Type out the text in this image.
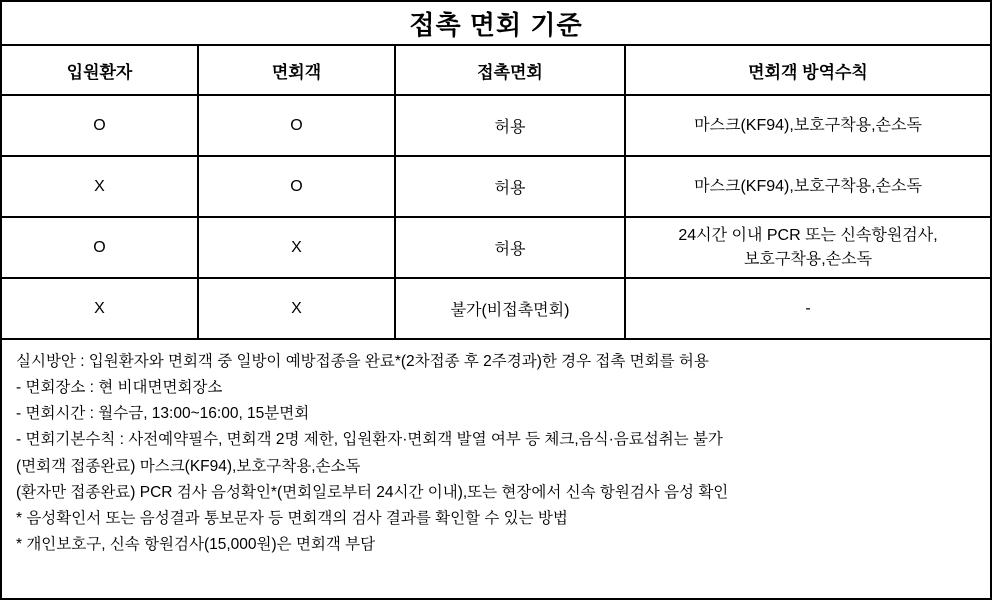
접촉 면회 기준
입원환자	면회객	접촉면회	면회객 방역수칙
O	O	허용	마스크(KF94),보호구착용,손소독

X	O	허용	마스크(KF94),보호구착용,손소독

O	X	허용	24시간 이내 PCR 또는 신속항원검사,
보호구착용,손소독

X	X	불가(비접촉면회)	-

실시방안 : 입원환자와 면회객 중 일방이 예방접종을 완료*(2차접종 후 2주경과)한 경우 접촉 면회를 허용

- 면회장소 : 현 비대면면회장소

- 면회시간 : 월수금, 13:00~16:00, 15분면회

- 면회기본수칙 : 사전예약필수, 면회객 2명 제한, 입원환자·면회객 발열 여부 등 체크,음식·음료섭취는 불가

(면회객 접종완료) 마스크(KF94),보호구착용,손소독

(환자만 접종완료) PCR 검사 음성확인*(면회일로부터 24시간 이내),또는 현장에서 신속 항원검사 음성 확인

* 음성확인서 또는 음성결과 통보문자 등 면회객의 검사 결과를 확인할 수 있는 방법

* 개인보호구, 신속 항원검사(15,000원)은 면회객 부담
